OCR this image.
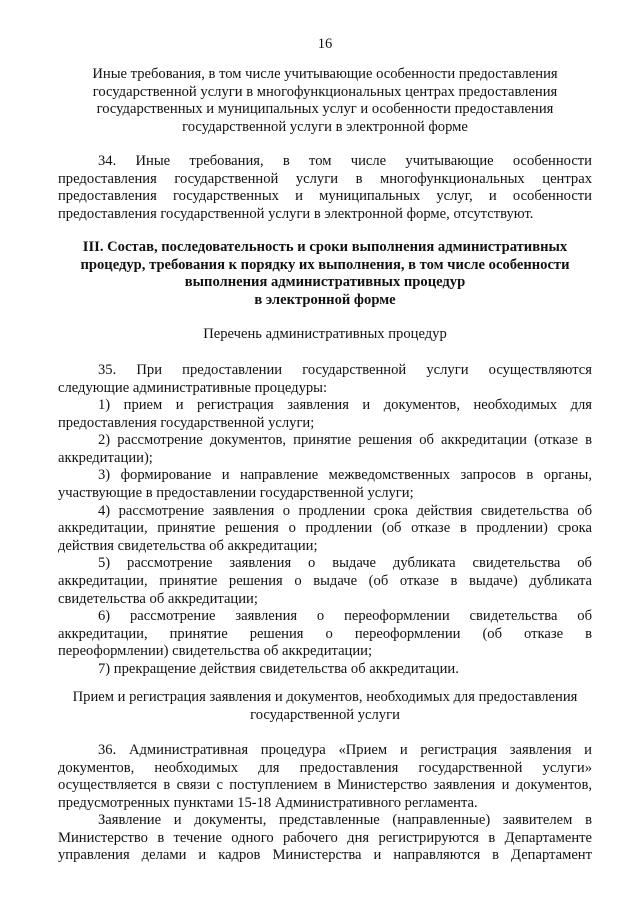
16
Иные требования, в том числе учитывающие особенности предоставления
государственной услуги в многофункциональных центрах предоставления
государственных и муниципальных услуг и особенности предоставления
государственной услуги в электронной форме
34. Иные требования, в том числе учитывающие особенности
предоставления государственной услуги в многофункциональных центрах
предоставления государственных и муниципальных услуг, и особенности
предоставления государственной услуги в электронной форме, отсутствуют.
III. Состав, последовательность и сроки выполнения административных
процедур, требования к порядку их выполнения, в том числе особенности
выполнения административных процедур
в электронной форме
Перечень административных процедур
35. При предоставлении государственной услуги осуществляются
следующие административные процедуры:
1) прием и регистрация заявления и документов, необходимых для
предоставления государственной услуги;
2) рассмотрение документов, принятие решения об аккредитации (отказе в
аккредитации);
3) формирование и направление межведомственных запросов в органы,
участвующие в предоставлении государственной услуги;
4) рассмотрение заявления о продлении срока действия свидетельства об
аккредитации, принятие решения о продлении (об отказе в продлении) срока
действия свидетельства об аккредитации;
5) рассмотрение заявления о выдаче дубликата свидетельства об
аккредитации, принятие решения о выдаче (об отказе в выдаче) дубликата
свидетельства об аккредитации;
6) рассмотрение заявления о переоформлении свидетельства об
аккредитации, принятие решения о переоформлении (об отказе в
переоформлении) свидетельства об аккредитации;
7) прекращение действия свидетельства об аккредитации.
Прием и регистрация заявления и документов, необходимых для предоставления
государственной услуги
36. Административная процедура «Прием и регистрация заявления и
документов, необходимых для предоставления государственной услуги»
осуществляется в связи с поступлением в Министерство заявления и документов,
предусмотренных пунктами 15-18 Административного регламента.
Заявление и документы, представленные (направленные) заявителем в
Министерство в течение одного рабочего дня регистрируются в Департаменте
управления делами и кадров Министерства и направляются в Департамент
